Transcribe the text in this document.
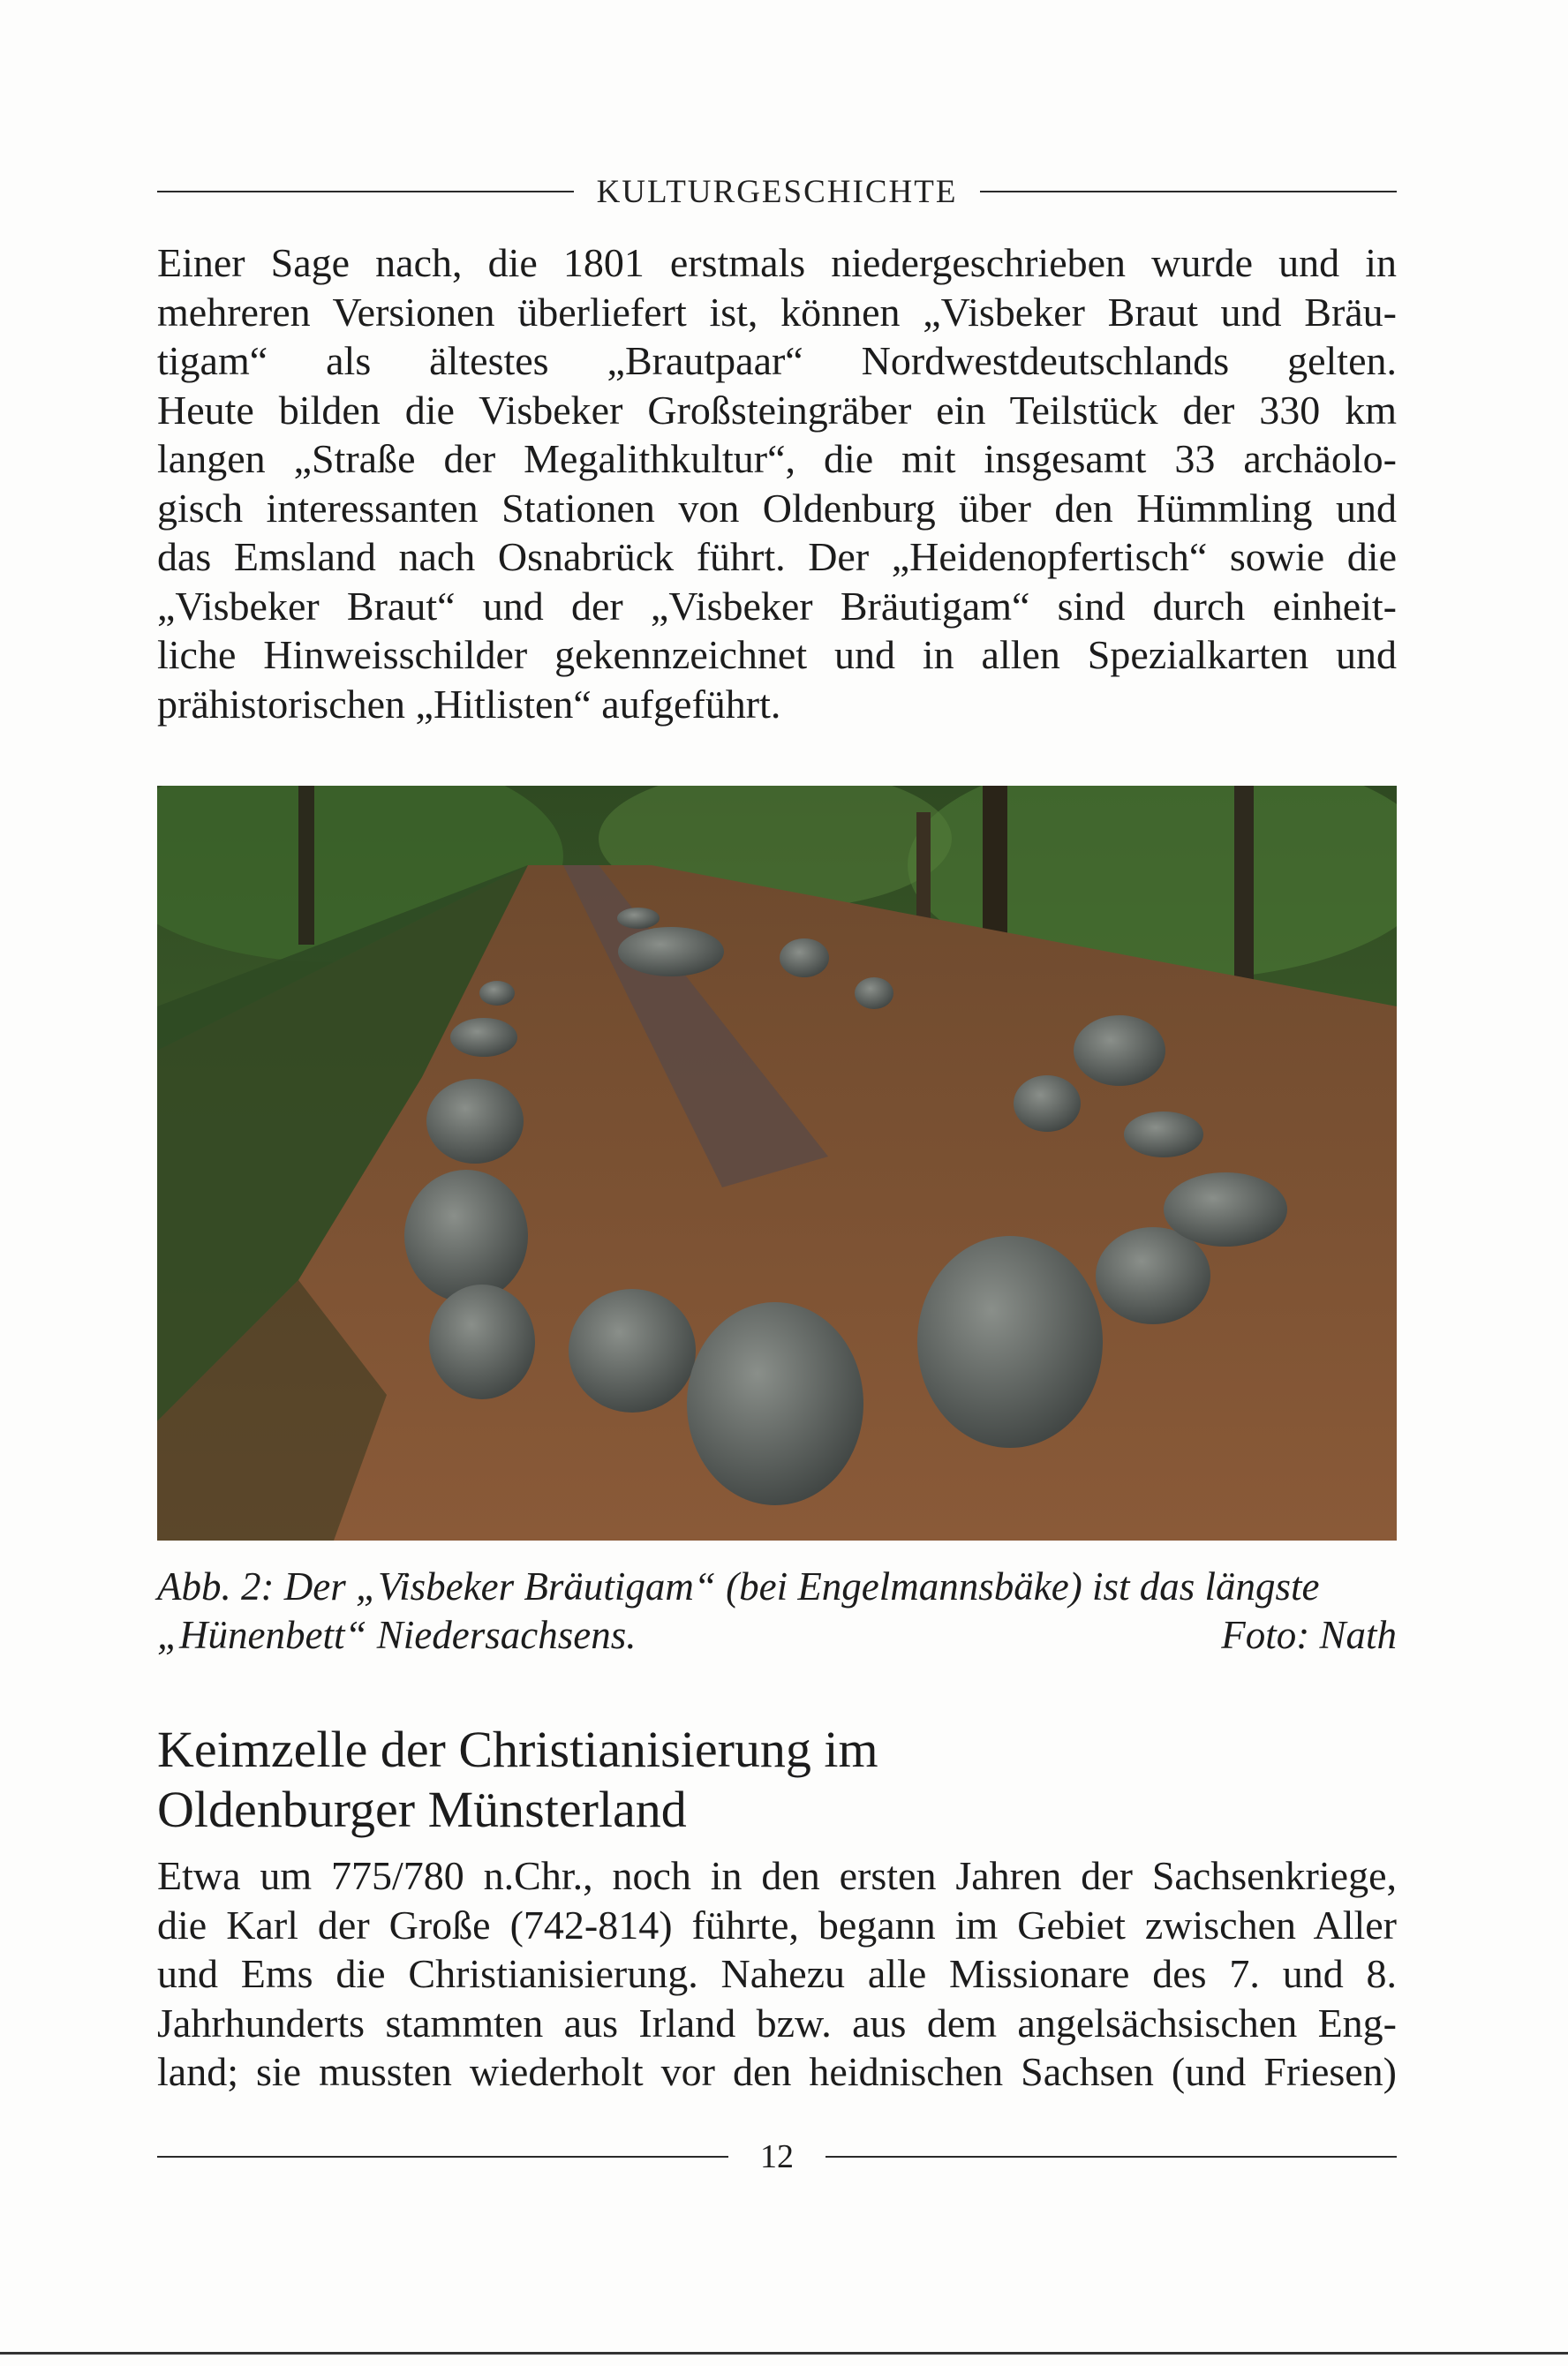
KULTURGESCHICHTE
Einer Sage nach, die 1801 erstmals niedergeschrieben wurde und in
mehreren Versionen überliefert ist, können „Visbeker Braut und Bräu-
tigam“ als ältestes „Brautpaar“ Nordwestdeutschlands gelten.
Heute bilden die Visbeker Großsteingräber ein Teilstück der 330 km
langen „Straße der Megalithkultur“, die mit insgesamt 33 archäolo-
gisch interessanten Stationen von Oldenburg über den Hümmling und
das Emsland nach Osnabrück führt. Der „Heidenopfertisch“ sowie die
„Visbeker Braut“ und der „Visbeker Bräutigam“ sind durch einheit-
liche Hinweisschilder gekennzeichnet und in allen Spezialkarten und
prähistorischen „Hitlisten“ aufgeführt.
Abb. 2: Der „Visbeker Bräutigam“ (bei Engelmannsbäke) ist das längste
„Hünenbett“ Niedersachsens.	Foto: Nath
Keimzelle der Christianisierung im
Oldenburger Münsterland
Etwa um 775/780 n.Chr., noch in den ersten Jahren der Sachsenkriege,
die Karl der Große (742-814) führte, begann im Gebiet zwischen Aller
und Ems die Christianisierung. Nahezu alle Missionare des 7. und 8.
Jahrhunderts stammten aus Irland bzw. aus dem angelsächsischen Eng-
land; sie mussten wiederholt vor den heidnischen Sachsen (und Friesen)
12
